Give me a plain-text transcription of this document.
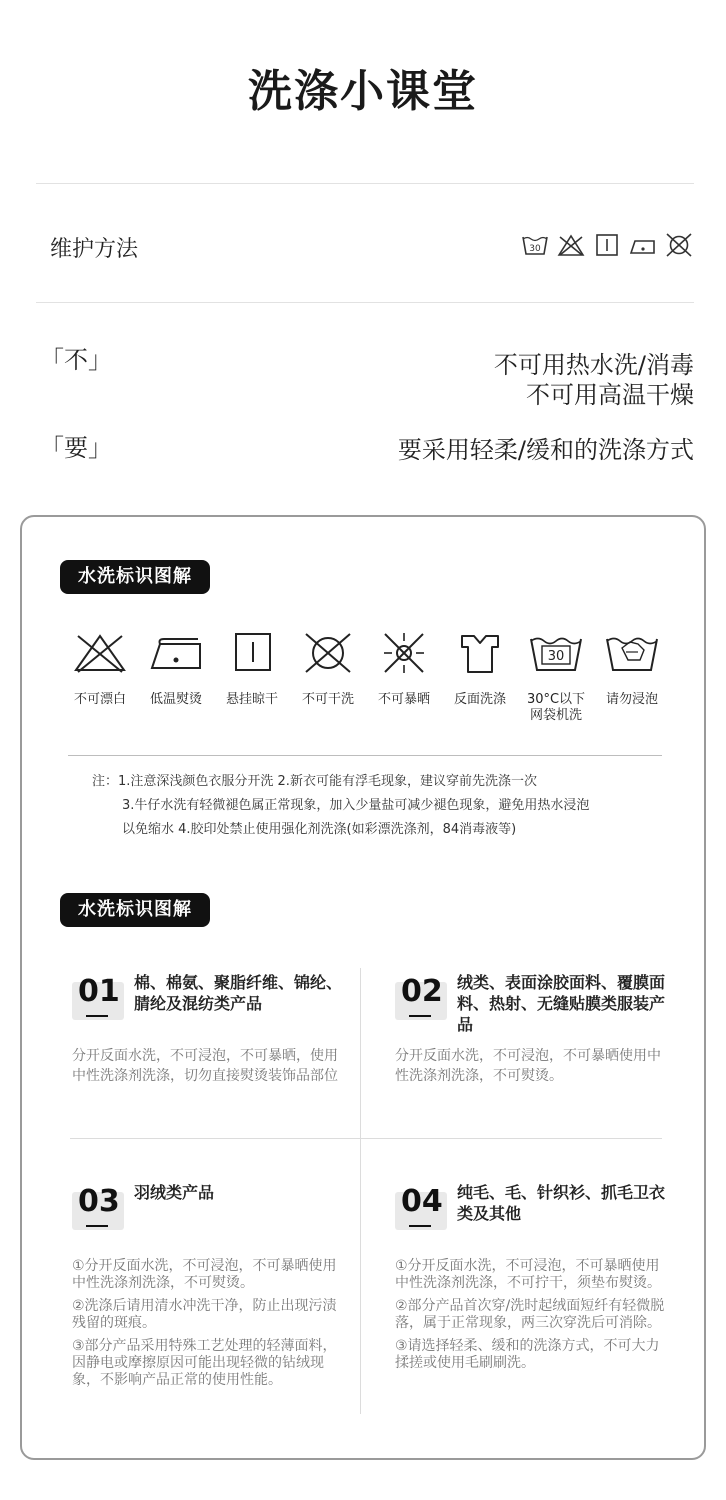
洗涤小课堂
维护方法	30
「不」	不可用热水洗/消毒
不可用高温干燥
「要」	要采用轻柔/缓和的洗涤方式
水洗标识图解
不可漂白	低温熨烫	悬挂晾干	不可干洗	不可暴晒	反面洗涤
30
30°C以下
网袋机洗
请勿浸泡

注：1.注意深浅颜色衣服分开洗 2.新衣可能有浮毛现象，建议穿前先洗涤一次

3.牛仔水洗有轻微褪色属正常现象，加入少量盐可减少褪色现象，避免用热水浸泡

以免缩水 4.胶印处禁止使用强化剂洗涤(如彩漂洗涤剂，84消毒液等)

水洗标识图解
01 棉、棉氨、聚脂纤维、锦纶、腈纶及混纺类产品

分开反面水洗，不可浸泡，不可暴晒，使用中性洗涤剂洗涤，切勿直接熨烫装饰品部位

02 绒类、表面涂胶面料、覆膜面料、热射、无缝贴膜类服装产品

分开反面水洗，不可浸泡，不可暴晒使用中性洗涤剂洗涤，不可熨烫。

03 羽绒类产品

①分开反面水洗，不可浸泡，不可暴晒使用中性洗涤剂洗涤，不可熨烫。

②洗涤后请用清水冲洗干净，防止出现污渍残留的斑痕。

③部分产品采用特殊工艺处理的轻薄面料，因静电或摩擦原因可能出现轻微的钻绒现象，不影响产品正常的使用性能。

04 纯毛、毛、针织衫、抓毛卫衣类及其他

①分开反面水洗，不可浸泡，不可暴晒使用中性洗涤剂洗涤，不可拧干，须垫布熨烫。

②部分产品首次穿/洗时起绒面短纤有轻微脱落，属于正常现象，两三次穿洗后可消除。

③请选择轻柔、缓和的洗涤方式，不可大力揉搓或使用毛刷刷洗。
